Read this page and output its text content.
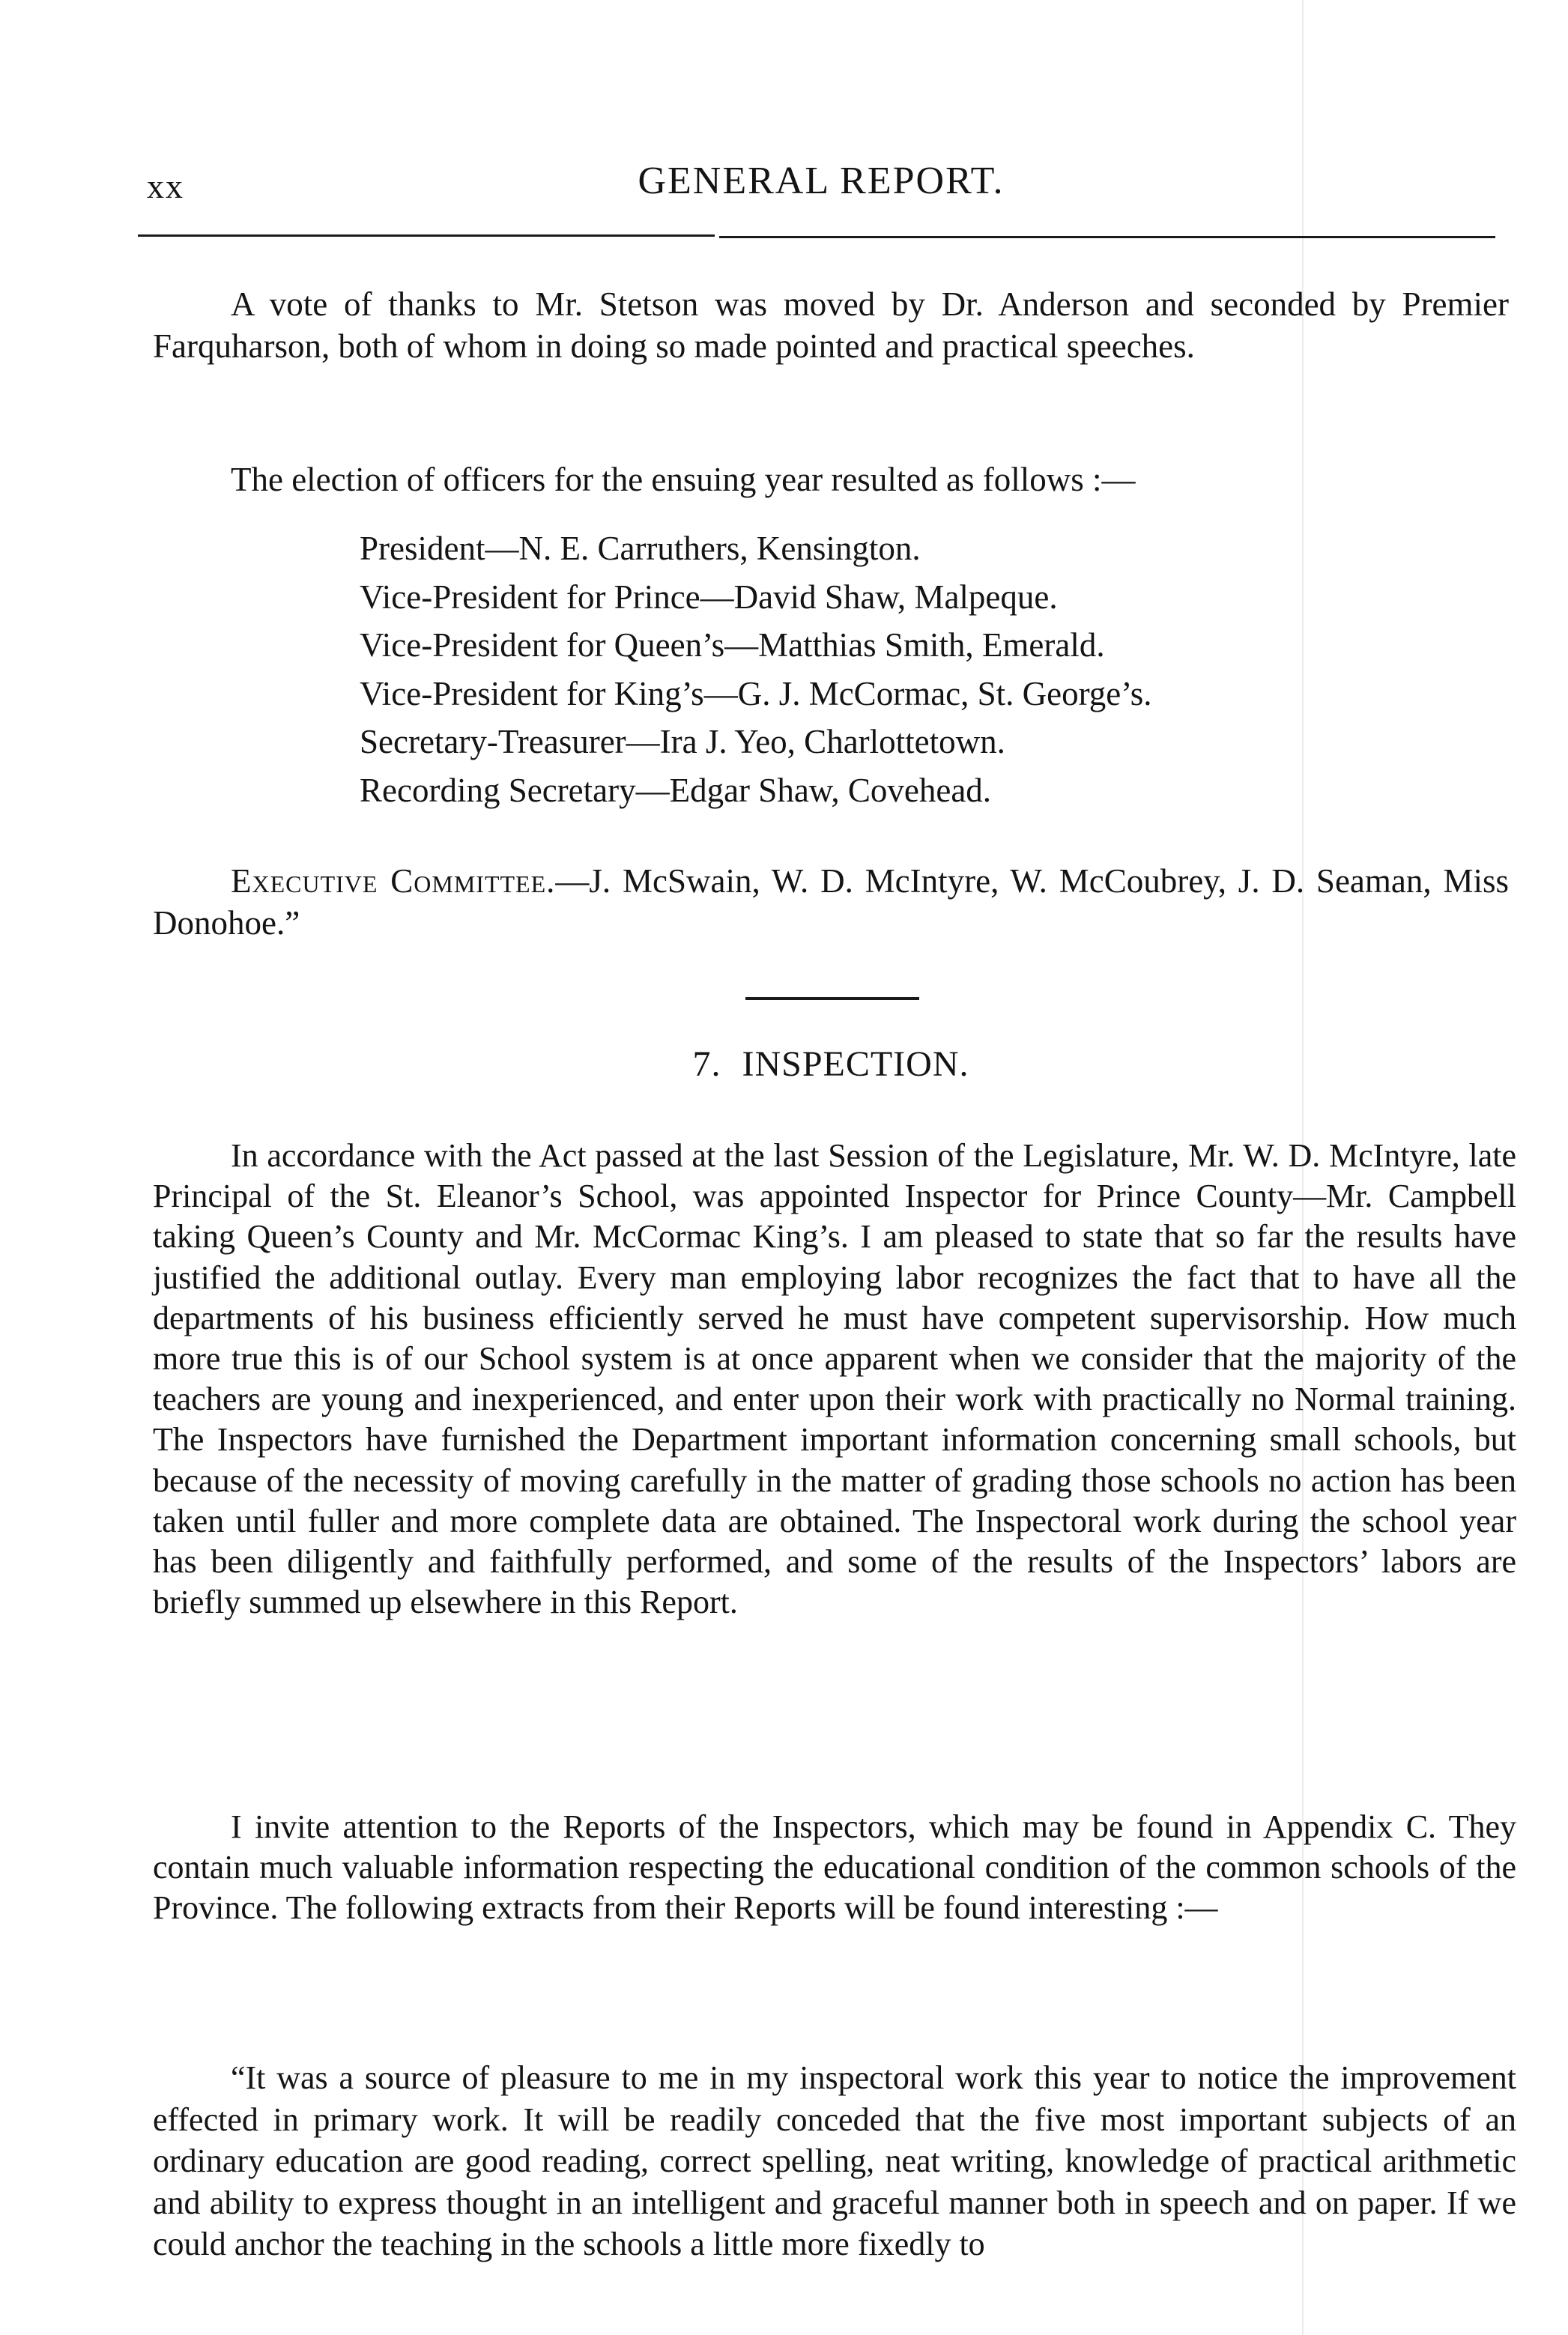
xx	GENERAL REPORT.

A vote of thanks to Mr. Stetson was moved by Dr. Anderson and seconded by Premier Farquharson, both of whom in doing so made pointed and practical speeches.

The election of officers for the ensuing year resulted as follows :—

President—N. E. Carruthers, Kensington.
Vice-President for Prince—David Shaw, Malpeque.
Vice-President for Queen’s—Matthias Smith, Emerald.
Vice-President for King’s—G. J. McCormac, St. George’s.
Secretary-Treasurer—Ira J. Yeo, Charlottetown.
Recording Secretary—Edgar Shaw, Covehead.

Executive Committee.—J. McSwain, W. D. McIntyre, W. McCoubrey, J. D. Seaman, Miss Donohoe.”

7. INSPECTION.

In accordance with the Act passed at the last Session of the Legislature, Mr. W. D. McIntyre, late Principal of the St. Eleanor’s School, was appointed Inspector for Prince County—Mr. Campbell taking Queen’s County and Mr. McCormac King’s. I am pleased to state that so far the results have justified the additional outlay. Every man employing labor recognizes the fact that to have all the departments of his business efficiently served he must have competent supervisorship. How much more true this is of our School system is at once apparent when we consider that the majority of the teachers are young and inexperienced, and enter upon their work with practically no Normal training. The Inspectors have furnished the Department important information concerning small schools, but because of the necessity of moving carefully in the matter of grading those schools no action has been taken until fuller and more complete data are obtained. The Inspectoral work during the school year has been diligently and faithfully performed, and some of the results of the Inspectors’ labors are briefly summed up elsewhere in this Report.

I invite attention to the Reports of the Inspectors, which may be found in Appendix C. They contain much valuable information respecting the educational condition of the common schools of the Province. The following extracts from their Reports will be found interesting :—

“It was a source of pleasure to me in my inspectoral work this year to notice the improvement effected in primary work. It will be readily conceded that the five most important subjects of an ordinary education are good reading, correct spelling, neat writing, knowledge of practical arithmetic and ability to express thought in an intelligent and graceful manner both in speech and on paper. If we could anchor the teaching in the schools a little more fixedly to
